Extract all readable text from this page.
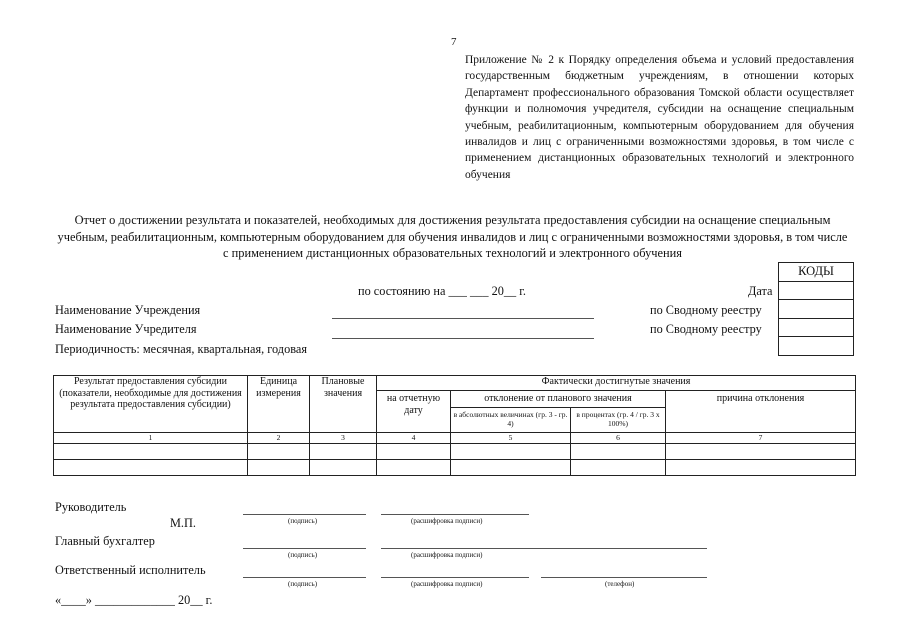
7
Приложение № 2 к Порядку определения объема и условий предоставления государственным бюджетным учреждениям, в отношении которых Департамент профессионального образования Томской области осуществляет функции и полномочия учредителя, субсидии на оснащение специальным учебным, реабилитационным, компьютерным оборудованием для обучения инвалидов и лиц с ограниченными возможностями здоровья, в том числе с применением дистанционных образовательных технологий и электронного обучения
Отчет о достижении результата и показателей, необходимых для достижения результата предоставления субсидии на оснащение специальным учебным, реабилитационным, компьютерным оборудованием для обучения инвалидов и лиц с ограниченными возможностями здоровья, в том числе с применением дистанционных образовательных технологий и электронного обучения
КОДЫ

по состоянию на ___ ___ 20__ г.	Дата
Наименование Учреждения	по Сводному реестру
Наименование Учредителя	по Сводному реестру
Периодичность: месячная, квартальная, годовая
Результат предоставления субсидии (показатели, необходимые для достижения результата предоставления субсидии)	Единица измерения	Плановые значения	Фактически достигнутые значения			
			на отчетную дату	отклонение от планового значения		причина отклонения
				в абсолютных величинах (гр. 3 - гр. 4)	в процентах (гр. 4 / гр. 3 х 100%)	
1	2	3	4	5	6	7

Руководитель
М.П.	(подпись)	(расшифровка подписи)
Главный бухгалтер
(подпись)	(расшифровка подписи)
Ответственный исполнитель
(подпись)	(расшифровка подписи)	(телефон)
«____» _____________ 20__ г.
